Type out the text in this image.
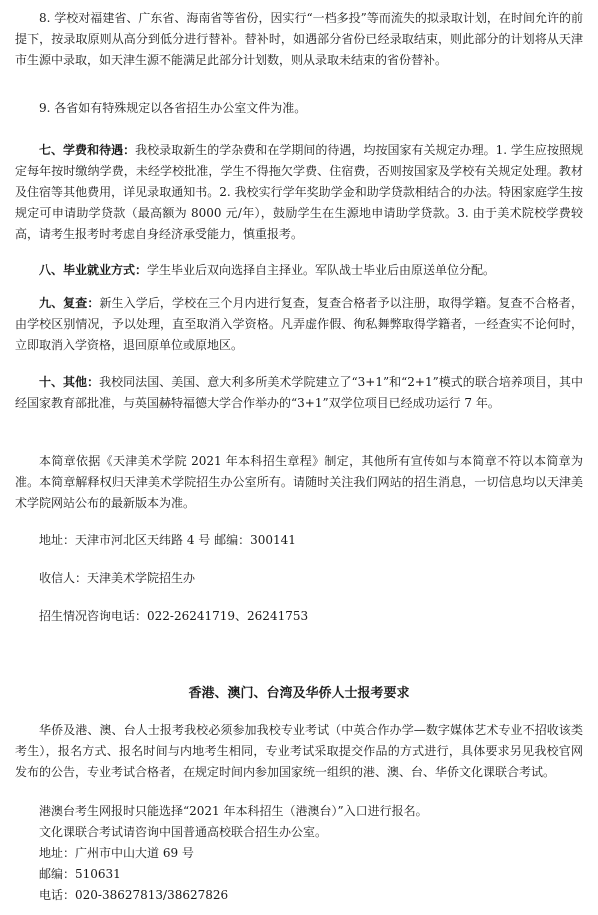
8. 学校对福建省、广东省、海南省等省份，因实行“一档多投”等而流失的拟录取计划，在时间允许的前提下，按录取原则从高分到低分进行替补。替补时，如遇部分省份已经录取结束，则此部分的计划将从天津市生源中录取，如天津生源不能满足此部分计划数，则从录取未结束的省份替补。

9. 各省如有特殊规定以各省招生办公室文件为准。

七、学费和待遇：我校录取新生的学杂费和在学期间的待遇，均按国家有关规定办理。1. 学生应按照规定每年按时缴纳学费，未经学校批准，学生不得拖欠学费、住宿费，否则按国家及学校有关规定处理。教材及住宿等其他费用，详见录取通知书。2. 我校实行学年奖助学金和助学贷款相结合的办法。特困家庭学生按规定可申请助学贷款（最高额为 8000 元/年），鼓励学生在生源地申请助学贷款。3. 由于美术院校学费较高，请考生报考时考虑自身经济承受能力，慎重报考。

八、毕业就业方式：学生毕业后双向选择自主择业。军队战士毕业后由原送单位分配。

九、复查：新生入学后，学校在三个月内进行复查，复查合格者予以注册，取得学籍。复查不合格者，由学校区别情况，予以处理，直至取消入学资格。凡弄虚作假、徇私舞弊取得学籍者，一经查实不论何时，立即取消入学资格，退回原单位或原地区。

十、其他：我校同法国、美国、意大利多所美术学院建立了“3+1”和“2+1”模式的联合培养项目，其中经国家教育部批准，与英国赫特福德大学合作举办的“3+1”双学位项目已经成功运行 7 年。

本简章依据《天津美术学院 2021 年本科招生章程》制定，其他所有宣传如与本简章不符以本简章为准。本简章解释权归天津美术学院招生办公室所有。请随时关注我们网站的招生消息，一切信息均以天津美术学院网站公布的最新版本为准。

地址：天津市河北区天纬路 4 号 邮编：300141

收信人：天津美术学院招生办

招生情况咨询电话：022-26241719、26241753

香港、澳门、台湾及华侨人士报考要求

华侨及港、澳、台人士报考我校必须参加我校专业考试（中英合作办学—数字媒体艺术专业不招收该类考生），报名方式、报名时间与内地考生相同，专业考试采取提交作品的方式进行，具体要求另见我校官网发布的公告，专业考试合格者，在规定时间内参加国家统一组织的港、澳、台、华侨文化课联合考试。

港澳台考生网报时只能选择“2021 年本科招生（港澳台）”入口进行报名。

文化课联合考试请咨询中国普通高校联合招生办公室。

地址：广州市中山大道 69 号

邮编：510631

电话：020-38627813/38627826
